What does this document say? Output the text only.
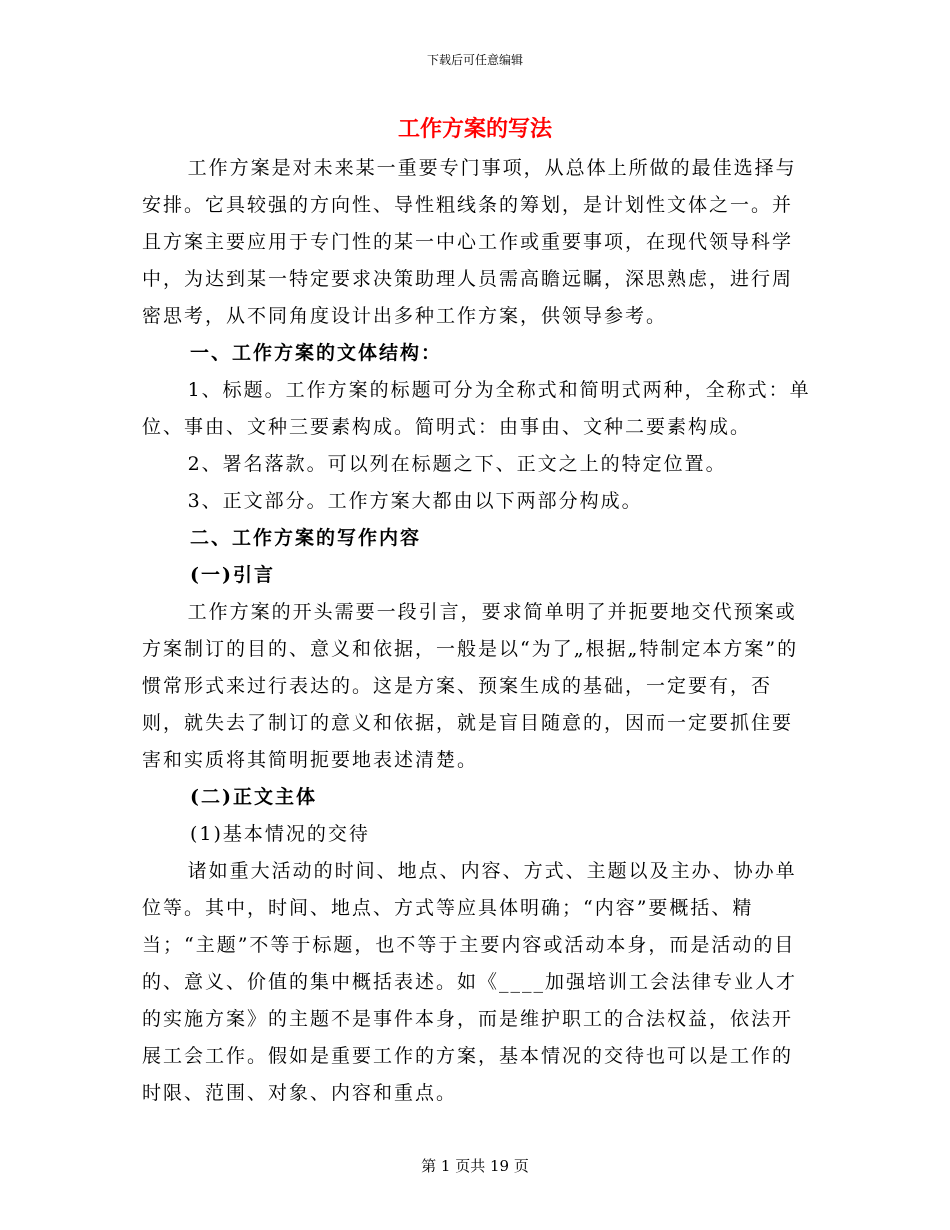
下载后可任意编辑
工作方案的写法

工作方案是对未来某一重要专门事项，从总体上所做的最佳选择与安排。它具较强的方向性、导性粗线条的筹划，是计划性文体之一。并且方案主要应用于专门性的某一中心工作或重要事项，在现代领导科学中，为达到某一特定要求决策助理人员需高瞻远瞩，深思熟虑，进行周密思考，从不同角度设计出多种工作方案，供领导参考。

一、工作方案的文体结构：

1、标题。工作方案的标题可分为全称式和简明式两种，全称式：单位、事由、文种三要素构成。简明式：由事由、文种二要素构成。

2、署名落款。可以列在标题之下、正文之上的特定位置。

3、正文部分。工作方案大都由以下两部分构成。

二、工作方案的写作内容

(一)引言

工作方案的开头需要一段引言，要求简单明了并扼要地交代预案或方案制订的目的、意义和依据，一般是以“为了„根据„特制定本方案”的惯常形式来过行表达的。这是方案、预案生成的基础，一定要有，否则，就失去了制订的意义和依据，就是盲目随意的，因而一定要抓住要害和实质将其简明扼要地表述清楚。

(二)正文主体

(1)基本情况的交待

诸如重大活动的时间、地点、内容、方式、主题以及主办、协办单位等。其中，时间、地点、方式等应具体明确；“内容”要概括、精当；“主题”不等于标题，也不等于主要内容或活动本身，而是活动的目的、意义、价值的集中概括表述。如《____加强培训工会法律专业人才的实施方案》的主题不是事件本身，而是维护职工的合法权益，依法开展工会工作。假如是重要工作的方案，基本情况的交待也可以是工作的时限、范围、对象、内容和重点。

第 1 页共 19 页
